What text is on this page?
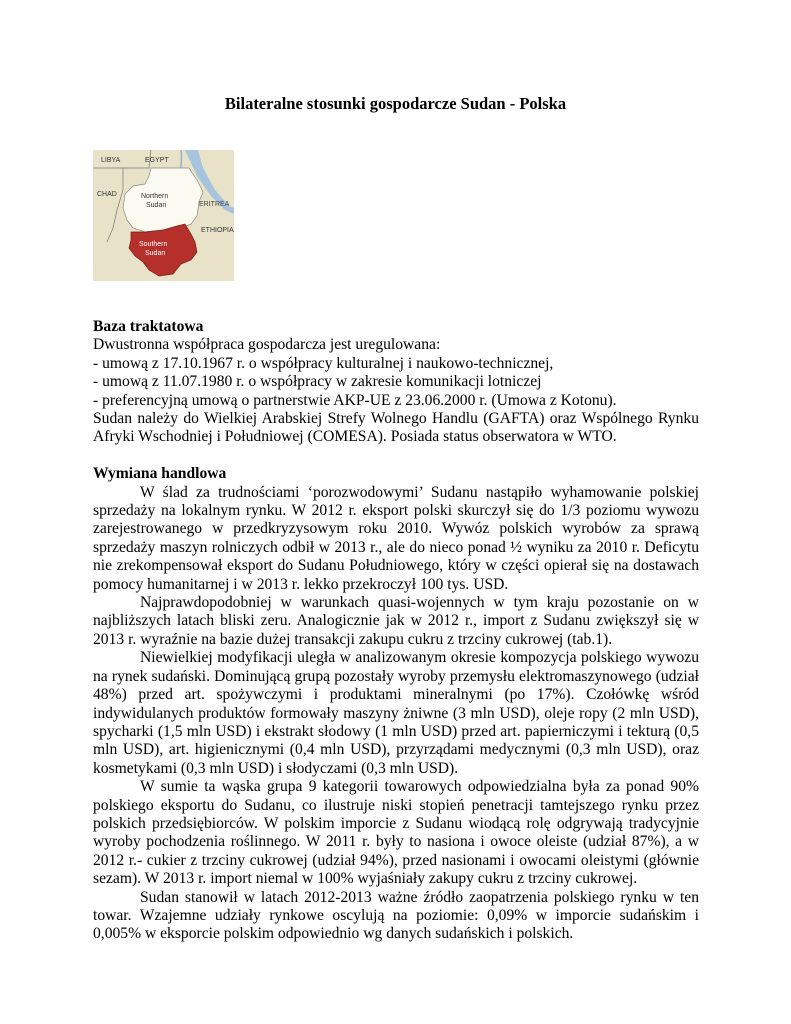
Bilateralne stosunki gospodarcze Sudan - Polska
LIBYA	EGYPT
CHAD	Northern
Sudan	ERITREA
ETHIOPIA
Southern
Sudan

Baza traktatowa

Dwustronna współpraca gospodarcza jest uregulowana:

- umową z 17.10.1967 r. o współpracy kulturalnej i naukowo-technicznej,

- umową z 11.07.1980 r. o współpracy w zakresie komunikacji lotniczej

- preferencyjną umową o partnerstwie AKP-UE z 23.06.2000 r. (Umowa z Kotonu).

Sudan należy do Wielkiej Arabskiej Strefy Wolnego Handlu (GAFTA) oraz Wspólnego Rynku Afryki Wschodniej i Południowej (COMESA). Posiada status obserwatora w WTO.

Wymiana handlowa

W ślad za trudnościami ‘porozwodowymi’ Sudanu nastąpiło wyhamowanie polskiej sprzedaży na lokalnym rynku. W 2012 r. eksport polski skurczył się do 1/3 poziomu wywozu zarejestrowanego w przedkryzysowym roku 2010. Wywóz polskich wyrobów za sprawą sprzedaży maszyn rolniczych odbił w 2013 r., ale do nieco ponad ½ wyniku za 2010 r. Deficytu nie zrekompensował eksport do Sudanu Południowego, który w części opierał się na dostawach pomocy humanitarnej i w 2013 r. lekko przekroczył 100 tys. USD.

Najprawdopodobniej w warunkach quasi-wojennych w tym kraju pozostanie on w najbliższych latach bliski zeru. Analogicznie jak w 2012 r., import z Sudanu zwiększył się w 2013 r. wyraźnie na bazie dużej transakcji zakupu cukru z trzciny cukrowej (tab.1).

Niewielkiej modyfikacji uległa w analizowanym okresie kompozycja polskiego wywozu na rynek sudański. Dominującą grupą pozostały wyroby przemysłu elektromaszynowego (udział 48%) przed art. spożywczymi i produktami mineralnymi (po 17%). Czołówkę wśród indywidulanych produktów formowały maszyny żniwne (3 mln USD), oleje ropy (2 mln USD), spycharki (1,5 mln USD) i ekstrakt słodowy (1 mln USD) przed art. papierniczymi i tekturą (0,5 mln USD), art. higienicznymi (0,4 mln USD), przyrządami medycznymi (0,3 mln USD), oraz kosmetykami (0,3 mln USD) i słodyczami (0,3 mln USD).

W sumie ta wąska grupa 9 kategorii towarowych odpowiedzialna była za ponad 90% polskiego eksportu do Sudanu, co ilustruje niski stopień penetracji tamtejszego rynku przez polskich przedsiębiorców. W polskim imporcie z Sudanu wiodącą rolę odgrywają tradycyjnie wyroby pochodzenia roślinnego. W 2011 r. były to nasiona i owoce oleiste (udział 87%), a w 2012 r.- cukier z trzciny cukrowej (udział 94%), przed nasionami i owocami oleistymi (głównie sezam). W 2013 r. import niemal w 100% wyjaśniały zakupy cukru z trzciny cukrowej.

Sudan stanowił w latach 2012-2013 ważne źródło zaopatrzenia polskiego rynku w ten towar. Wzajemne udziały rynkowe oscylują na poziomie: 0,09% w imporcie sudańskim i 0,005% w eksporcie polskim odpowiednio wg danych sudańskich i polskich.
